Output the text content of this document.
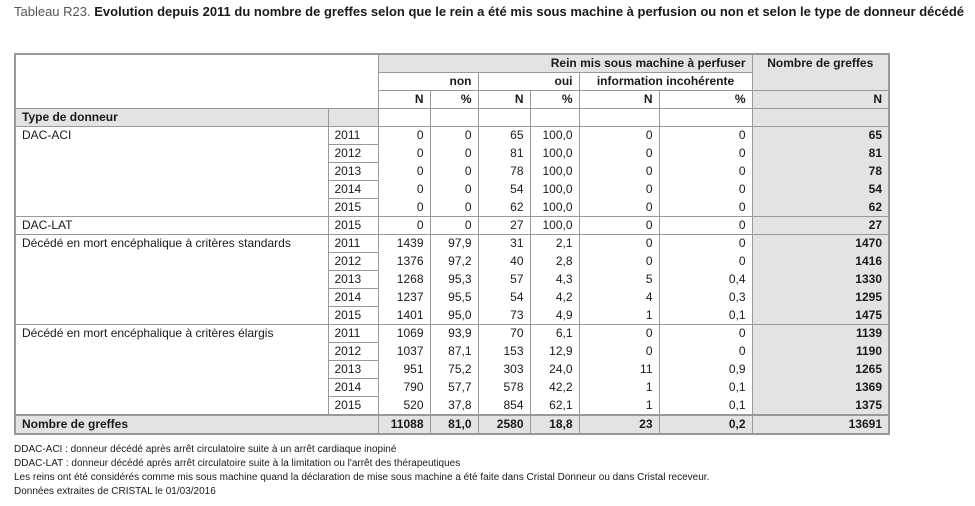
Tableau R23. Evolution depuis 2011 du nombre de greffes selon que le rein a été mis sous machine à perfusion ou non et selon le type de donneur décédé
		Rein mis sous machine à perfuser						Nombre de greffes
		non		oui		information incohérente		
		N	%	N	%	N	%	N
Type de donneur								
DAC-ACI	2011	0	0	65	100,0	0	0	65
	2012	0	0	81	100,0	0	0	81
	2013	0	0	78	100,0	0	0	78
	2014	0	0	54	100,0	0	0	54
	2015	0	0	62	100,0	0	0	62
DAC-LAT	2015	0	0	27	100,0	0	0	27
Décédé en mort encéphalique à critères standards	2011	1439	97,9	31	2,1	0	0	1470
	2012	1376	97,2	40	2,8	0	0	1416
	2013	1268	95,3	57	4,3	5	0,4	1330
	2014	1237	95,5	54	4,2	4	0,3	1295
	2015	1401	95,0	73	4,9	1	0,1	1475
Décédé en mort encéphalique à critères élargis	2011	1069	93,9	70	6,1	0	0	1139
	2012	1037	87,1	153	12,9	0	0	1190
	2013	951	75,2	303	24,0	11	0,9	1265
	2014	790	57,7	578	42,2	1	0,1	1369
	2015	520	37,8	854	62,1	1	0,1	1375
Nombre de greffes		11088	81,0	2580	18,8	23	0,2	13691
DDAC-ACI : donneur décédé après arrêt circulatoire suite à un arrêt cardiaque inopiné
DDAC-LAT : donneur décédé après arrêt circulatoire suite à la limitation ou l'arrêt des thérapeutiques
Les reins ont été considérés comme mis sous machine quand la déclaration de mise sous machine a été faite dans Cristal Donneur ou dans Cristal receveur.
Données extraites de CRISTAL le 01/03/2016
